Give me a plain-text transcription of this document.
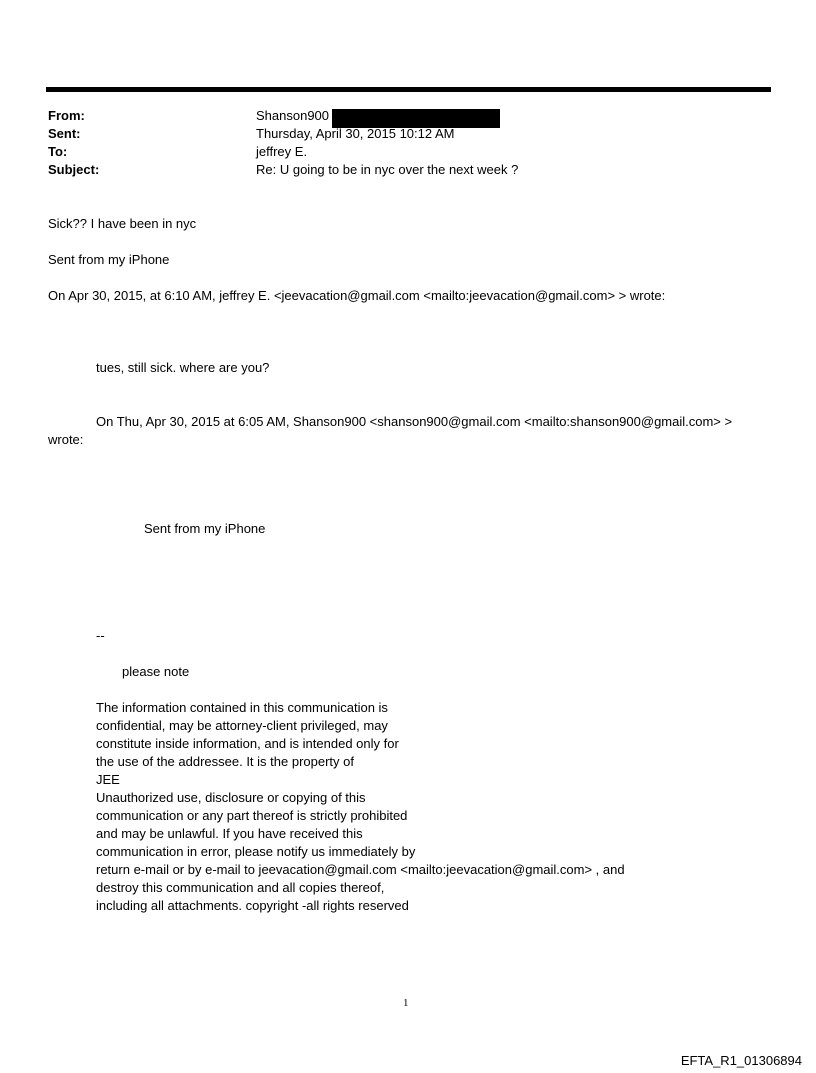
From:	Shanson900
Sent:	Thursday, April 30, 2015 10:12 AM
To:	jeffrey E.
Subject:	Re: U going to be in nyc over the next week ?
Sick?? I have been in nyc
Sent from my iPhone
On Apr 30, 2015, at 6:10 AM, jeffrey E. <jeevacation@gmail.com <mailto:jeevacation@gmail.com> > wrote:
tues, still sick. where are you?
On Thu, Apr 30, 2015 at 6:05 AM, Shanson900 <shanson900@gmail.com <mailto:shanson900@gmail.com> >
wrote:
Sent from my iPhone
--
please note
The information contained in this communication is
confidential, may be attorney-client privileged, may
constitute inside information, and is intended only for
the use of the addressee. It is the property of
JEE
Unauthorized use, disclosure or copying of this
communication or any part thereof is strictly prohibited
and may be unlawful. If you have received this
communication in error, please notify us immediately by
return e-mail or by e-mail to jeevacation@gmail.com <mailto:jeevacation@gmail.com> , and
destroy this communication and all copies thereof,
including all attachments. copyright -all rights reserved
1
EFTA_R1_01306894
